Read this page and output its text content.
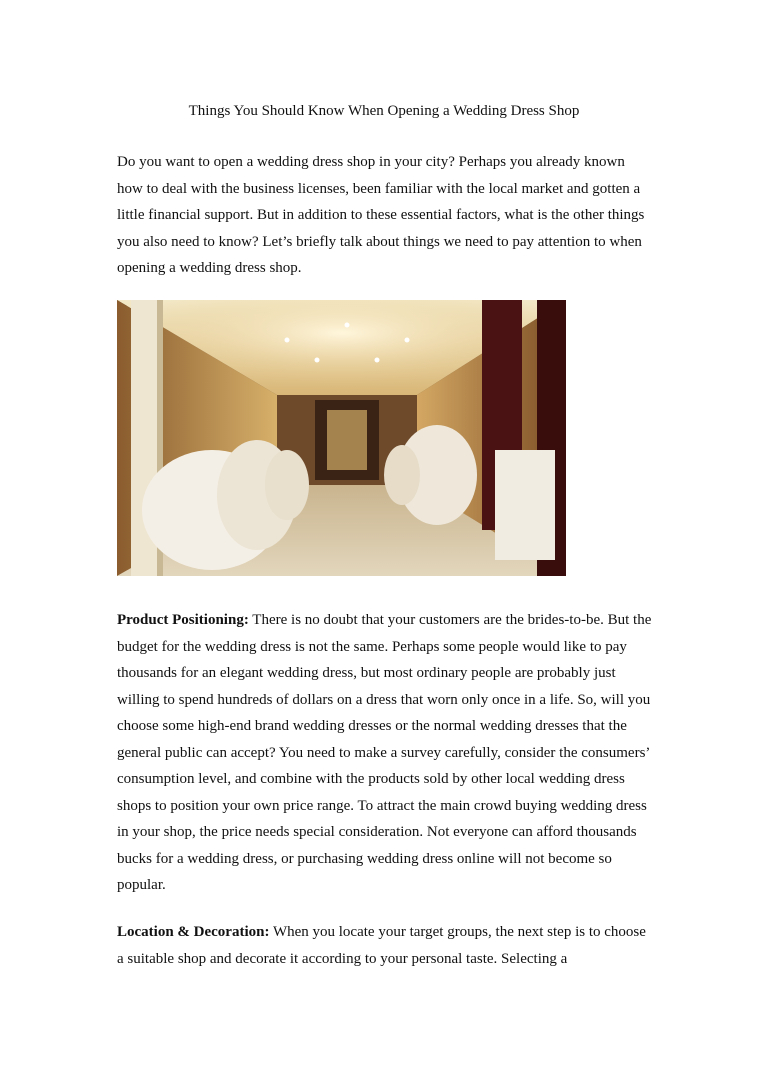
Things You Should Know When Opening a Wedding Dress Shop

Do you want to open a wedding dress shop in your city? Perhaps you already known how to deal with the business licenses, been familiar with the local market and gotten a little financial support. But in addition to these essential factors, what is the other things you also need to know? Let’s briefly talk about things we need to pay attention to when opening a wedding dress shop.

Product Positioning: There is no doubt that your customers are the brides-to-be. But the budget for the wedding dress is not the same. Perhaps some people would like to pay thousands for an elegant wedding dress, but most ordinary people are probably just willing to spend hundreds of dollars on a dress that worn only once in a life. So, will you choose some high-end brand wedding dresses or the normal wedding dresses that the general public can accept? You need to make a survey carefully, consider the consumers’ consumption level, and combine with the products sold by other local wedding dress shops to position your own price range. To attract the main crowd buying wedding dress in your shop, the price needs special consideration. Not everyone can afford thousands bucks for a wedding dress, or purchasing wedding dress online will not become so popular.

Location & Decoration: When you locate your target groups, the next step is to choose a suitable shop and decorate it according to your personal taste. Selecting a
